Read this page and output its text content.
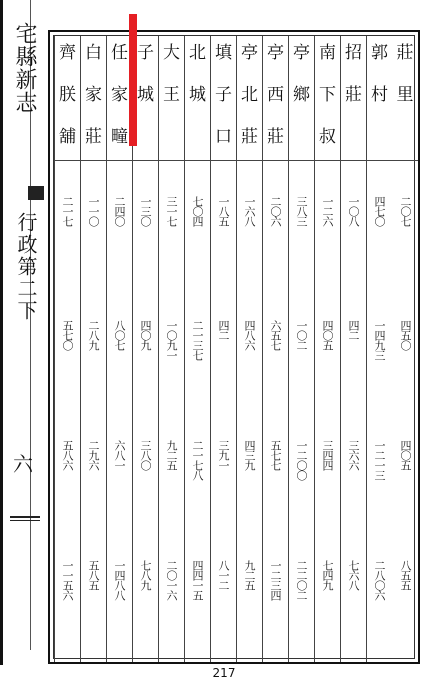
宅縣新志
行政第二下
六
莊
里
二〇七
四五〇
四〇五
八五五
郭
村
四七〇
一四九三
一二一三
二八〇六
招
莊
一〇八
四二
三六六
七六八
南
下
叔
一二六
四〇五
三四四
七四九
亭
鄉
三八三
一〇二
一二〇〇
二二〇二
亭
西
莊
二〇六
六五七
五七七
一二三四
亭
北
莊
一六八
四八六
四三九
九二五
填
子
口
一八五
四二
三九一
八一二
北
城
七〇四
二一三七
二一七八
四四一五
大
王
三一七
一〇九一
九二五
二〇一六
子
城
一三〇
四〇九
三八〇
七八九
任
家
疃
二四〇
八〇七
六八一
一四八八
白
家
莊
一一〇
二八九
二九六
五八五
齊
朕
舖
二一七
五七〇
五八六
一一五六
217
